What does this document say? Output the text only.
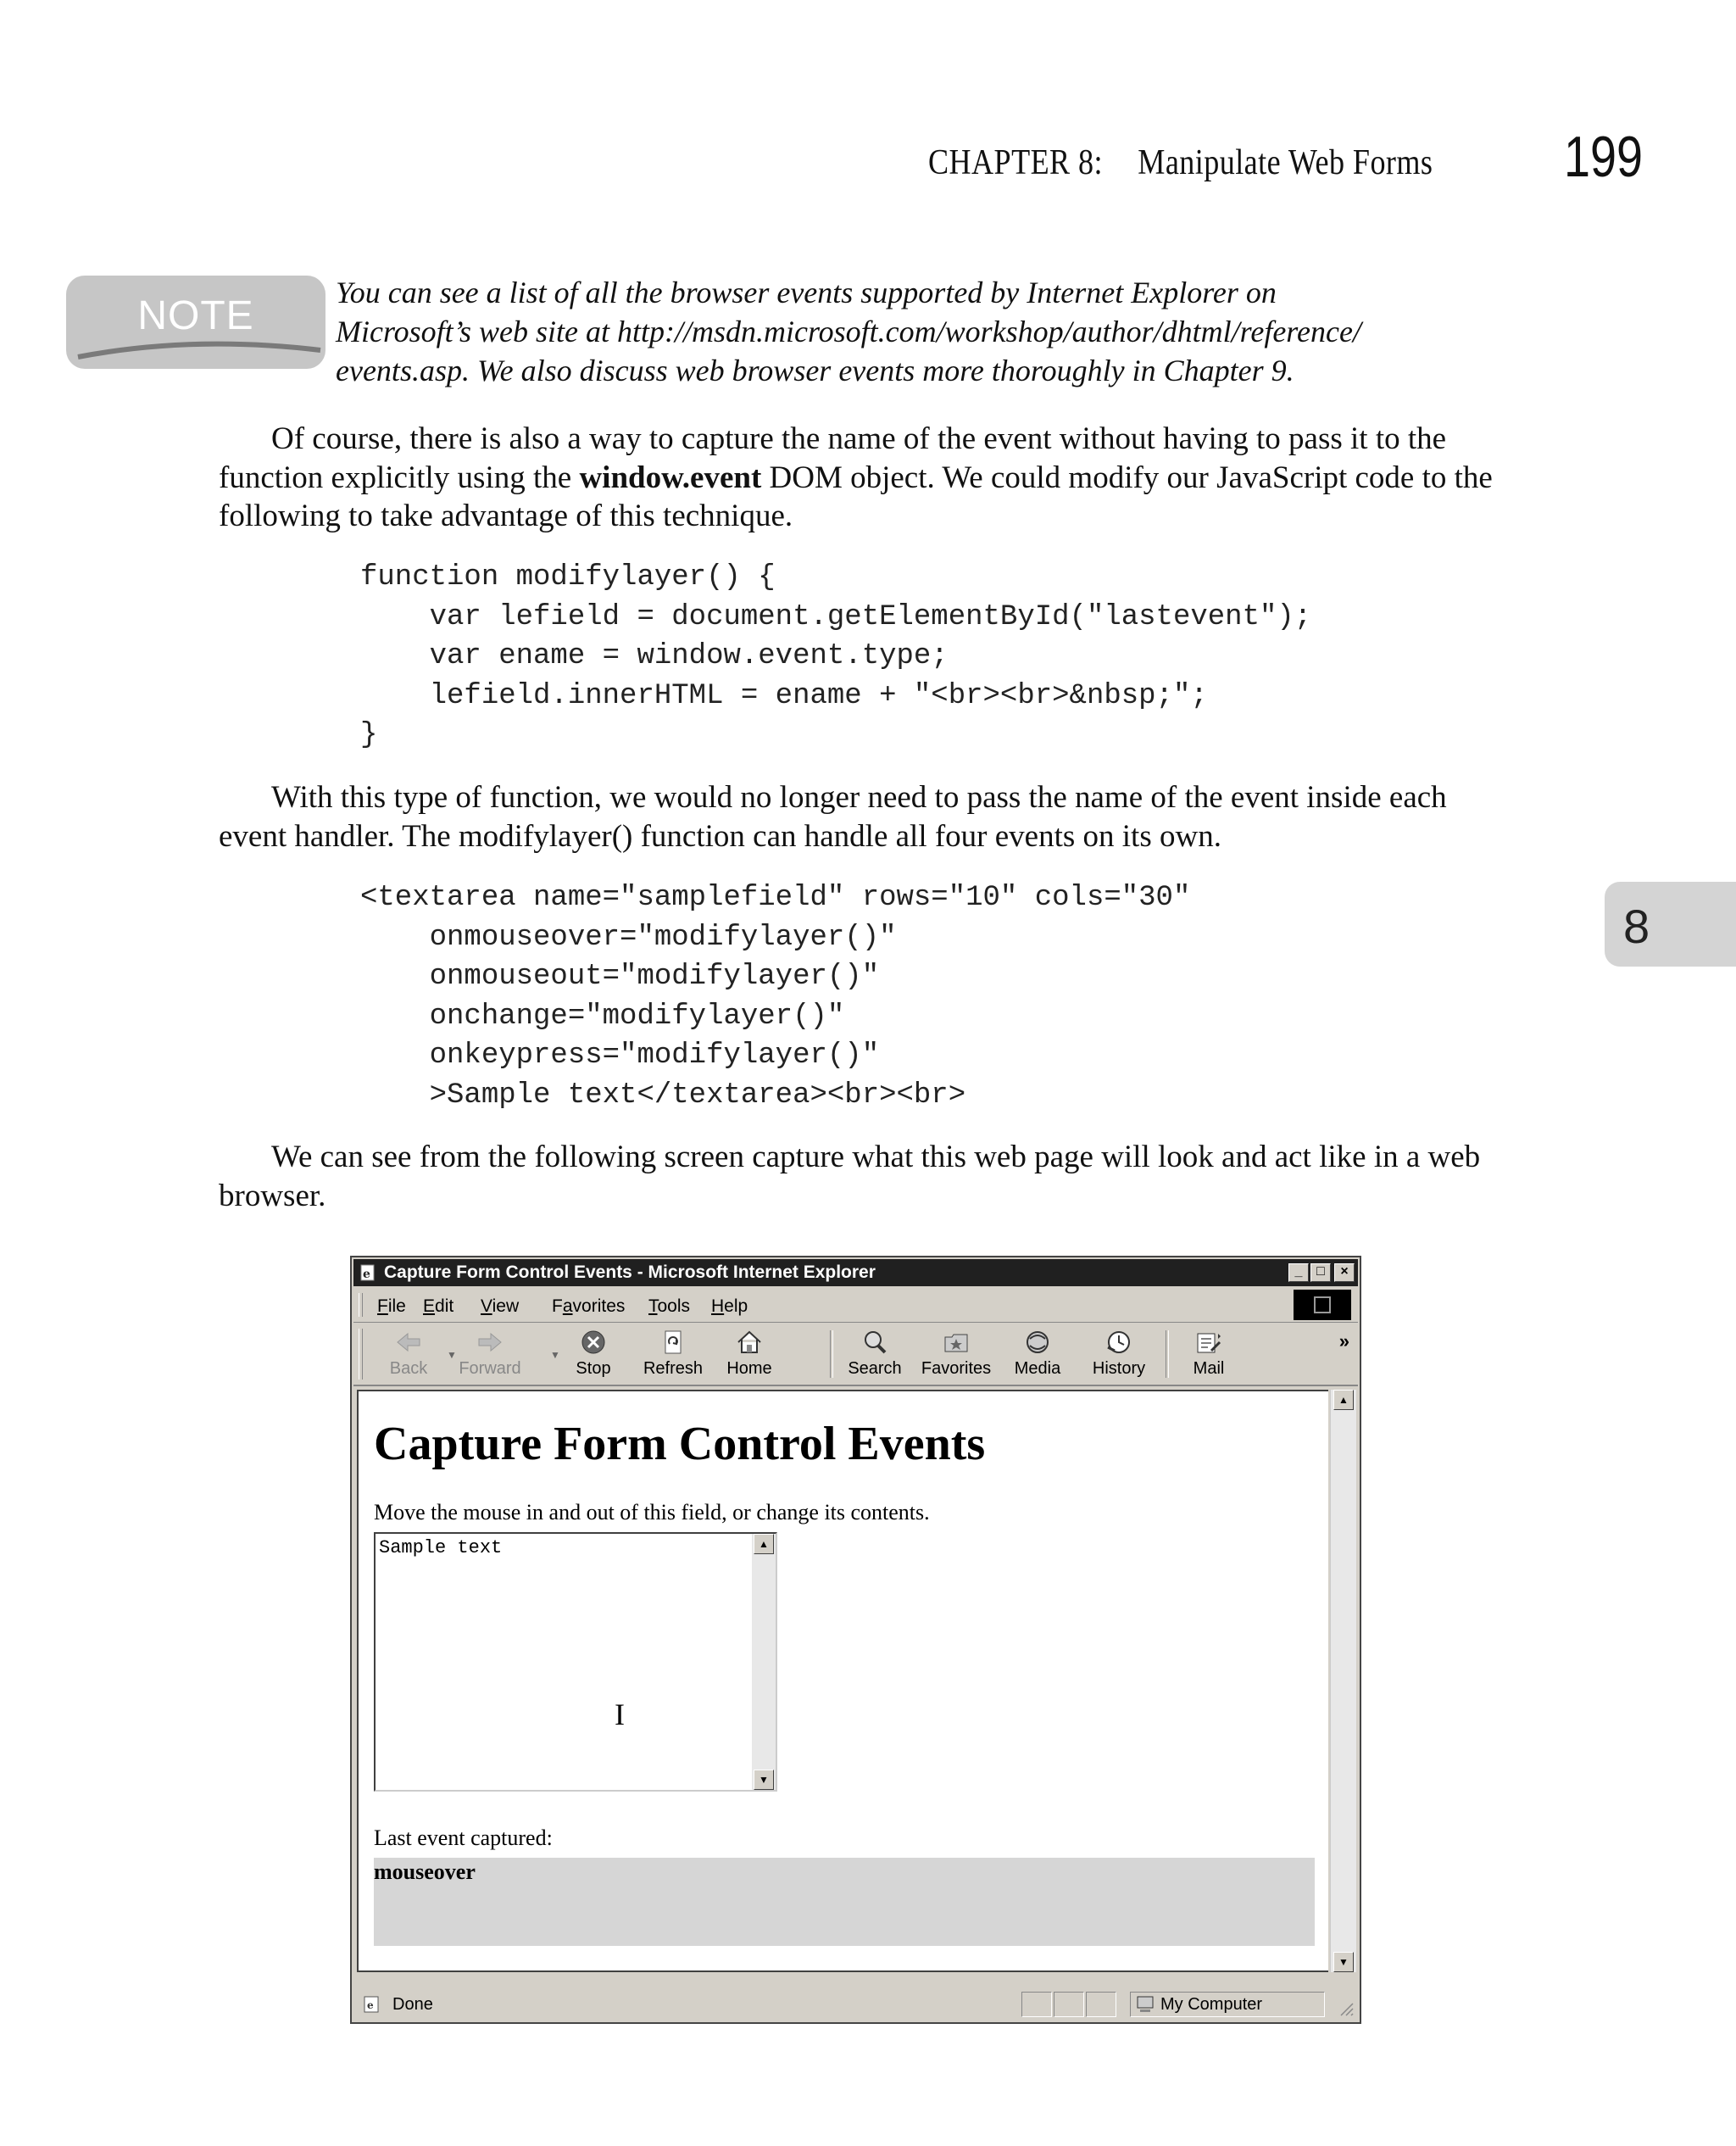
CHAPTER 8: Manipulate Web Forms 199
NOTE
You can see a list of all the browser events supported by Internet Explorer on
Microsoft’s web site at http://msdn.microsoft.com/workshop/author/dhtml/reference/
events.asp. We also discuss web browser events more thoroughly in Chapter 9.
Of course, there is also a way to capture the name of the event without having to pass it to the function explicitly using the window.event DOM object. We could modify our JavaScript code to the following to take advantage of this technique.
function modifylayer() {
var lefield = document.getElementById("lastevent");
var ename = window.event.type;
lefield.innerHTML = ename + "<br><br>&nbsp;";
}
With this type of function, we would no longer need to pass the name of the event inside each event handler. The modifylayer() function can handle all four events on its own.
<textarea name="samplefield" rows="10" cols="30"
onmouseover="modifylayer()"
onmouseout="modifylayer()"
onchange="modifylayer()"
onkeypress="modifylayer()"
>Sample text</textarea><br><br>
8
We can see from the following screen capture what this web page will look and act like in a web browser.
e Capture Form Control Events - Microsoft Internet Explorer	_	□	×
File Edit View Favorites Tools Help
Back
▼
Forward
▼
Stop	Refresh	Home	Search	Favorites	Media	History	Mail
»
Capture Form Control Events
Move the mouse in and out of this field, or change its contents.
Sample text	▲
▼
I
Last event captured:
mouseover
▲
▼
e Done	My Computer
